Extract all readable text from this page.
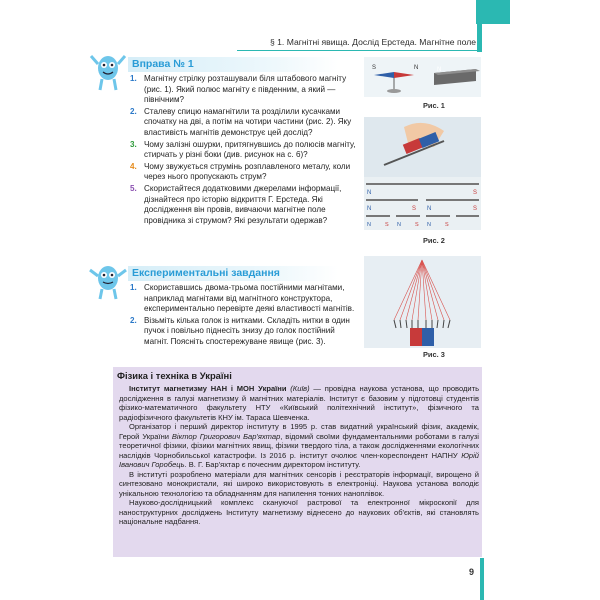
§ 1. Магнітні явища. Дослід Ерстеда. Магнітне поле
Вправа № 1
1. Магнітну стрілку розташували біля штабового магніту (рис. 1). Який полюс магніту є південним, а який — північним?
2. Сталеву спицю намагнітили та розділили кусачками спочатку на дві, а потім на чотири частини (рис. 2). Яку властивість магнітів демонструє цей дослід?
3. Чому залізні ошурки, притягнувшись до полюсів магніту, стирчать у різні боки (див. рисунок на с. 6)?
4. Чому звужується струмінь розплавленого металу, коли через нього пропускають струм?
5. Скористайтеся додатковими джерелами інформації, дізнайтеся про історію відкриття Г. Ерстеда. Які дослідження він провів, вивчаючи магнітне поле провідника зі струмом? Які результати одержав?
Експериментальні завдання
1. Скориставшись двома-трьома постійними магнітами, наприклад магнітами від магнітного конструктора, експериментально перевірте деякі властивості магнітів.
2. Візьміть кілька голок із нитками. Складіть нитки в один пучок і повільно піднесіть знизу до голок постійний магніт. Поясніть спостережуване явище (рис. 3).
S	N	N
Рис. 1
N	S
N	S N	S
N	S N	S N	S
Рис. 2
Рис. 3
Фізика і техніка в Україні

Інститут магнетизму НАН і МОН України (Київ) — провідна наукова установа, що проводить дослідження в галузі магнетизму й магнітних матеріалів. Інститут є базовим у підготовці студентів фізико-математичного факультету НТУ «Київський політехнічний інститут», фізичного та радіофізичного факультетів КНУ ім. Тараса Шевченка.

Організатор і перший директор інституту в 1995 р. став видатний український фізик, академік, Герой України Віктор Григорович Бар'яхтар, відомий своїми фундаментальними роботами в галузі теоретичної фізики, фізики магнітних явищ, фізики твердого тіла, а також дослідженнями екологічних наслідків Чорнобильської катастрофи. Із 2016 р. інститут очолює член-кореспондент НАПНУ Юрій Іванович Горобець. В. Г. Бар'яхтар є почесним директором інституту.

В інституті розроблено матеріали для магнітних сенсорів і реєстраторів інформації, вирощено й синтезовано монокристали, які широко використовують в електроніці. Наукова установа володіє унікальною технологією та обладнанням для напилення тонких наноплівок.

Науково-дослідницький комплекс скануючої растрової та електронної мікроскопії для наноструктурних досліджень Інституту магнетизму віднесено до наукових об'єктів, які становлять національне надбання.

9
